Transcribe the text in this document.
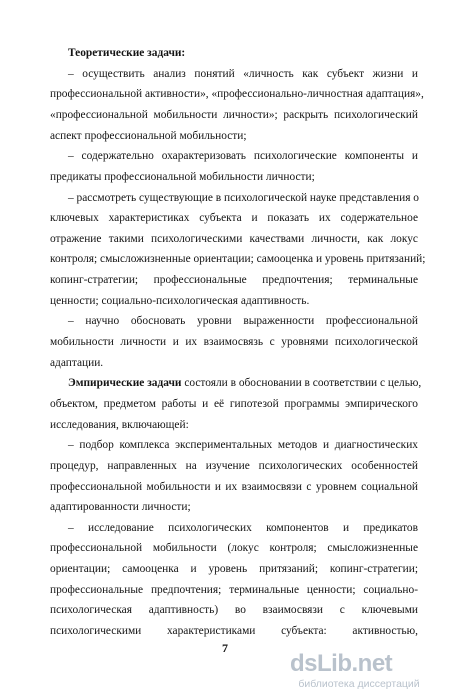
Теоретические задачи:
– осуществить анализ понятий «личность как субъект жизни и
профессиональной активности», «профессионально-личностная адаптация»,
«профессиональной мобильности личности»; раскрыть психологический
аспект профессиональной мобильности;
– содержательно охарактеризовать психологические компоненты и
предикаты профессиональной мобильности личности;
– рассмотреть существующие в психологической науке представления о
ключевых характеристиках субъекта и показать их содержательное
отражение такими психологическими качествами личности, как локус
контроля; смысложизненные ориентации; самооценка и уровень притязаний;
копинг-стратегии; профессиональные предпочтения; терминальные
ценности; социально-психологическая адаптивность.
– научно обосновать уровни выраженности профессиональной
мобильности личности и их взаимосвязь с уровнями психологической
адаптации.
Эмпирические задачи состояли в обосновании в соответствии с целью,
объектом, предметом работы и её гипотезой программы эмпирического
исследования, включающей:
– подбор комплекса экспериментальных методов и диагностических
процедур, направленных на изучение психологических особенностей
профессиональной мобильности и их взаимосвязи с уровнем социальной
адаптированности личности;
– исследование психологических компонентов и предикатов
профессиональной мобильности (локус контроля; смысложизненные
ориентации; самооценка и уровень притязаний; копинг-стратегии;
профессиональные предпочтения; терминальные ценности; социально-
психологическая адаптивность) во взаимосвязи с ключевыми
психологическими характеристиками субъекта: активностью,
7
dsLib.net
библиотека диссертаций
